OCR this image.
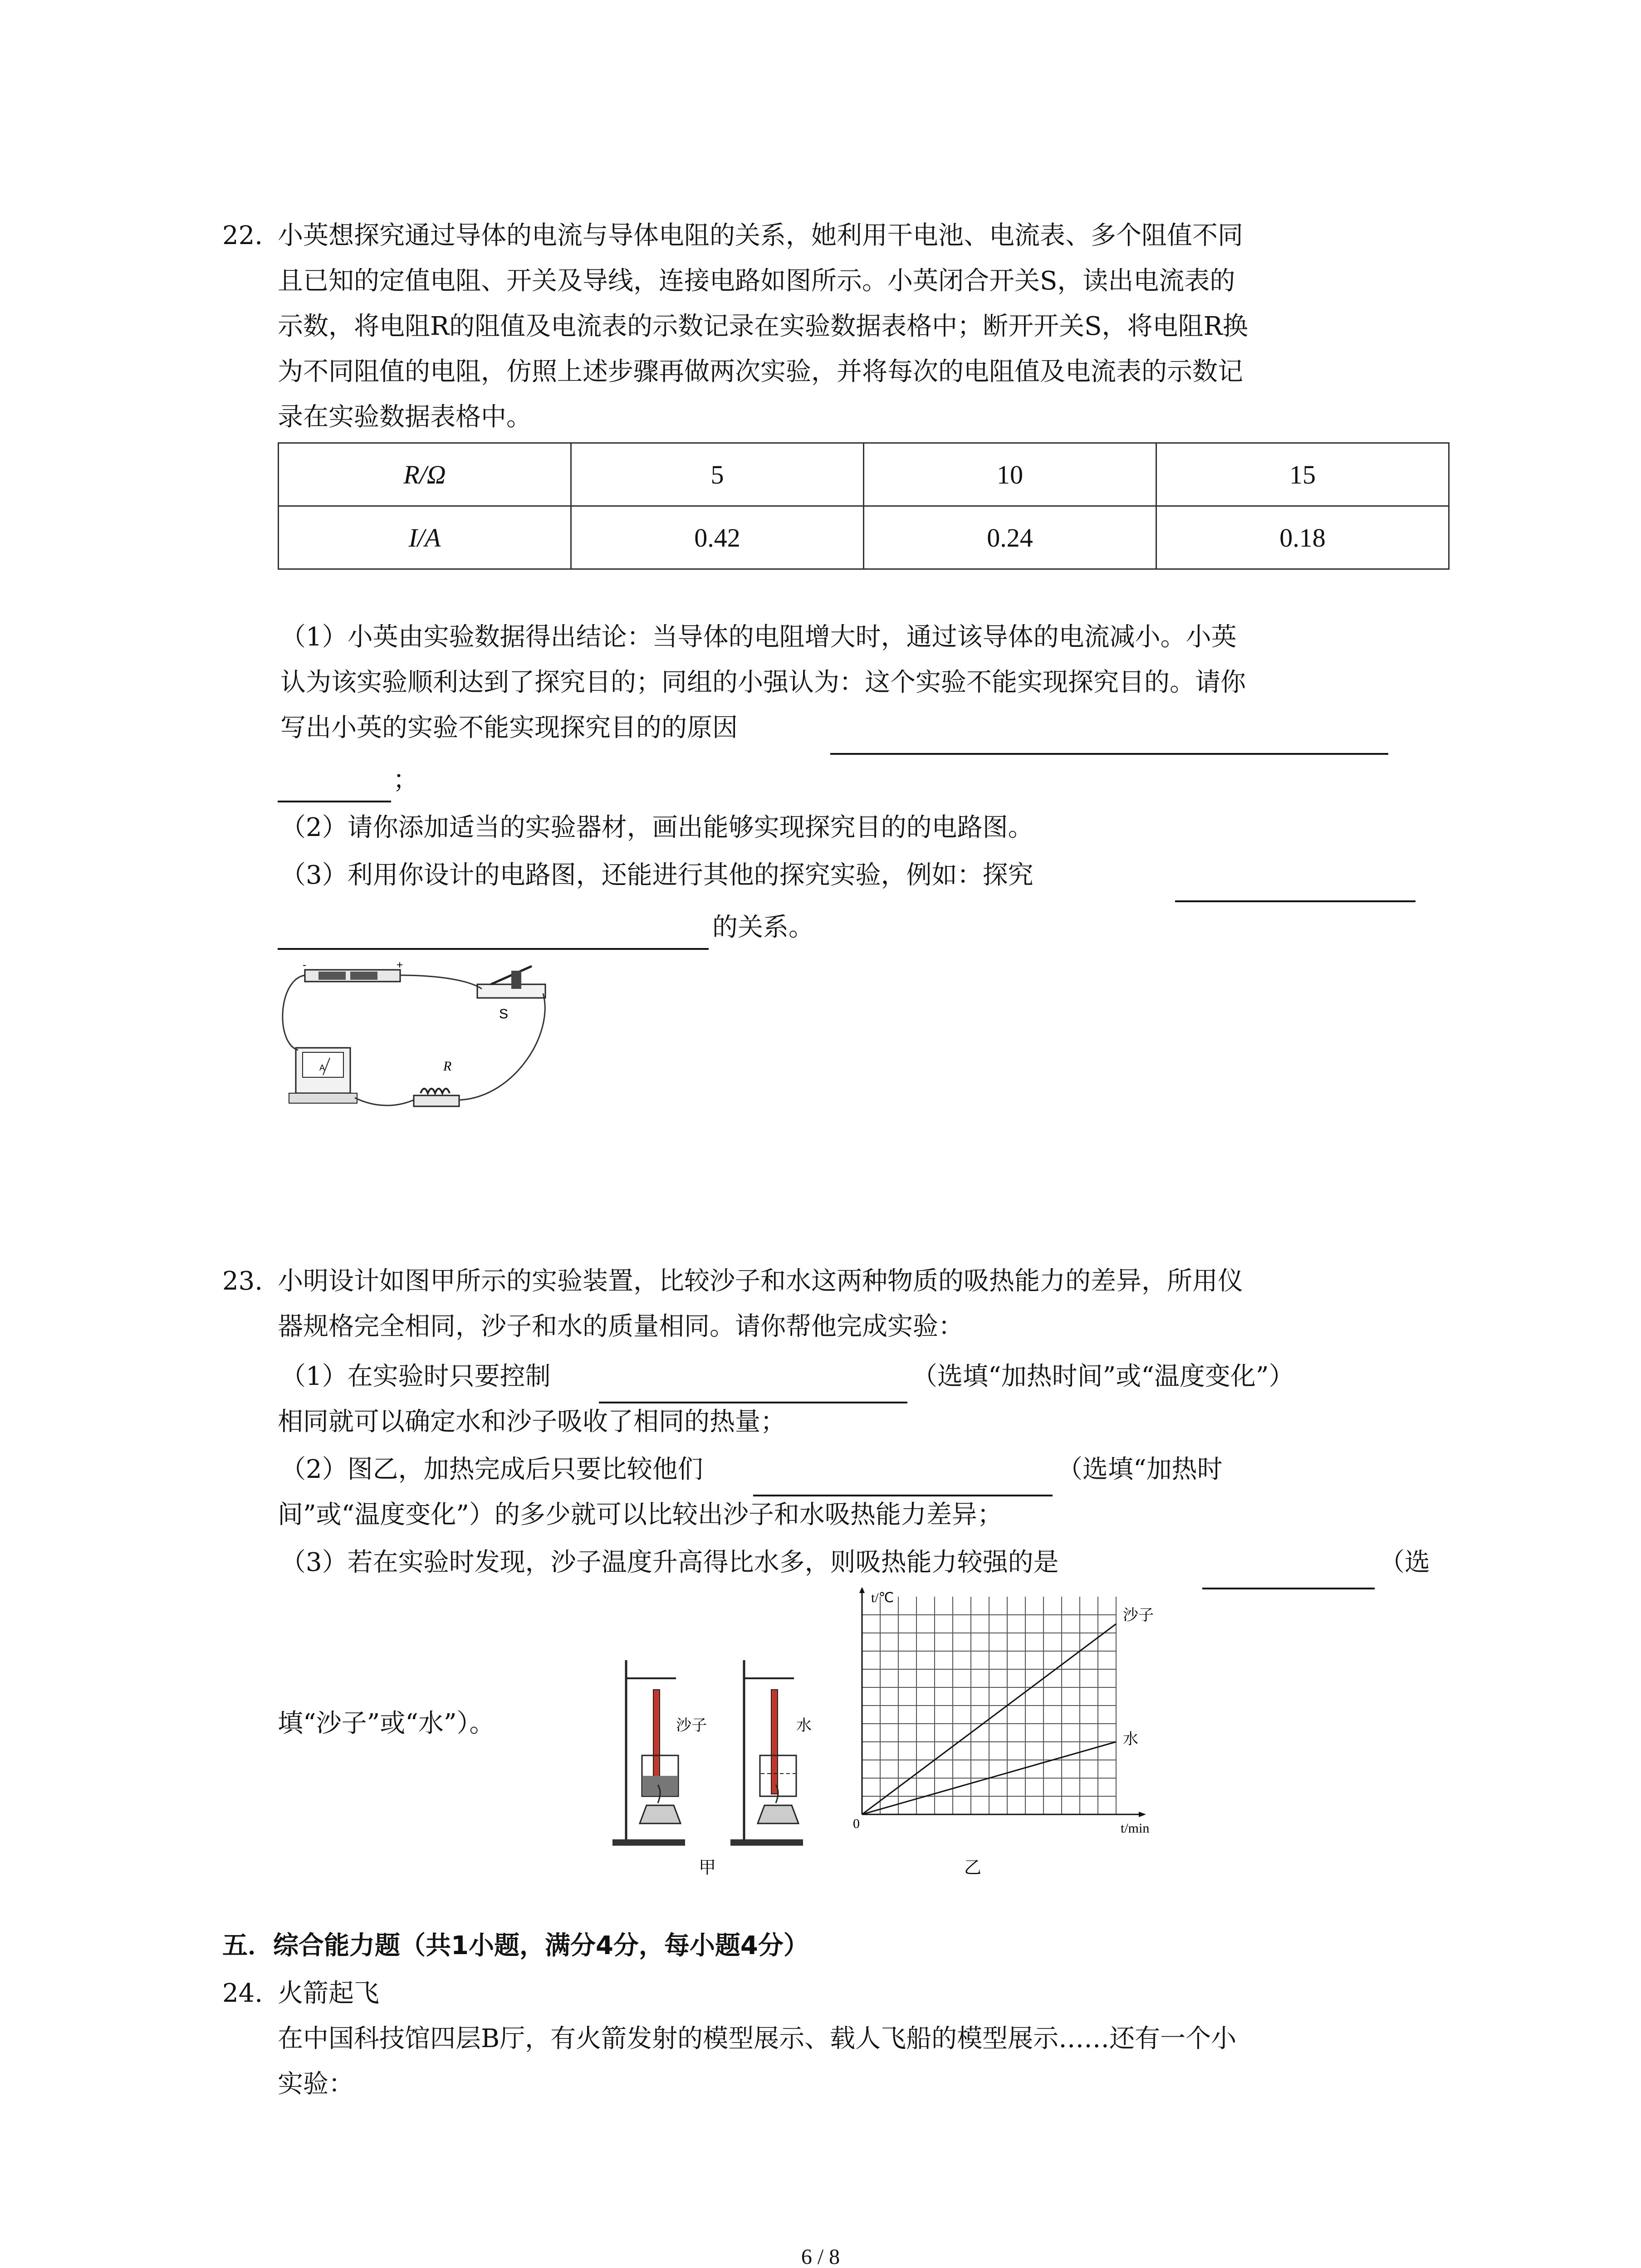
22. 小英想探究通过导体的电流与导体电阻的关系，她利用干电池、电流表、多个阻值不同
且已知的定值电阻、开关及导线，连接电路如图所示。小英闭合开关S，读出电流表的
示数，将电阻R的阻值及电流表的示数记录在实验数据表格中；断开开关S，将电阻R换
为不同阻值的电阻，仿照上述步骤再做两次实验，并将每次的电阻值及电流表的示数记
录在实验数据表格中。
R/Ω	5	10	15
I/A	0.42	0.24	0.18
（1）小英由实验数据得出结论：当导体的电阻增大时，通过该导体的电流减小。小英
认为该实验顺利达到了探究目的；同组的小强认为：这个实验不能实现探究目的。请你
写出小英的实验不能实现探究目的的原因
；
（2）请你添加适当的实验器材，画出能够实现探究目的的电路图。
（3）利用你设计的电路图，还能进行其他的探究实验，例如：探究
的关系。
-	+
S
A	R
23. 小明设计如图甲所示的实验装置，比较沙子和水这两种物质的吸热能力的差异，所用仪
器规格完全相同，沙子和水的质量相同。请你帮他完成实验：
（1）在实验时只要控制	（选填“加热时间”或“温度变化”）
相同就可以确定水和沙子吸收了相同的热量；
（2）图乙，加热完成后只要比较他们	（选填“加热时
间”或“温度变化”）的多少就可以比较出沙子和水吸热能力差异；
（3）若在实验时发现，沙子温度升高得比水多，则吸热能力较强的是	（选
填“沙子”或“水”）。	沙子	水
甲
t/℃
t/min
0
沙子
水
乙
五．综合能力题（共1小题，满分4分，每小题4分）
24. 火箭起飞
在中国科技馆四层B厅，有火箭发射的模型展示、载人飞船的模型展示……还有一个小
实验：
6 / 8
